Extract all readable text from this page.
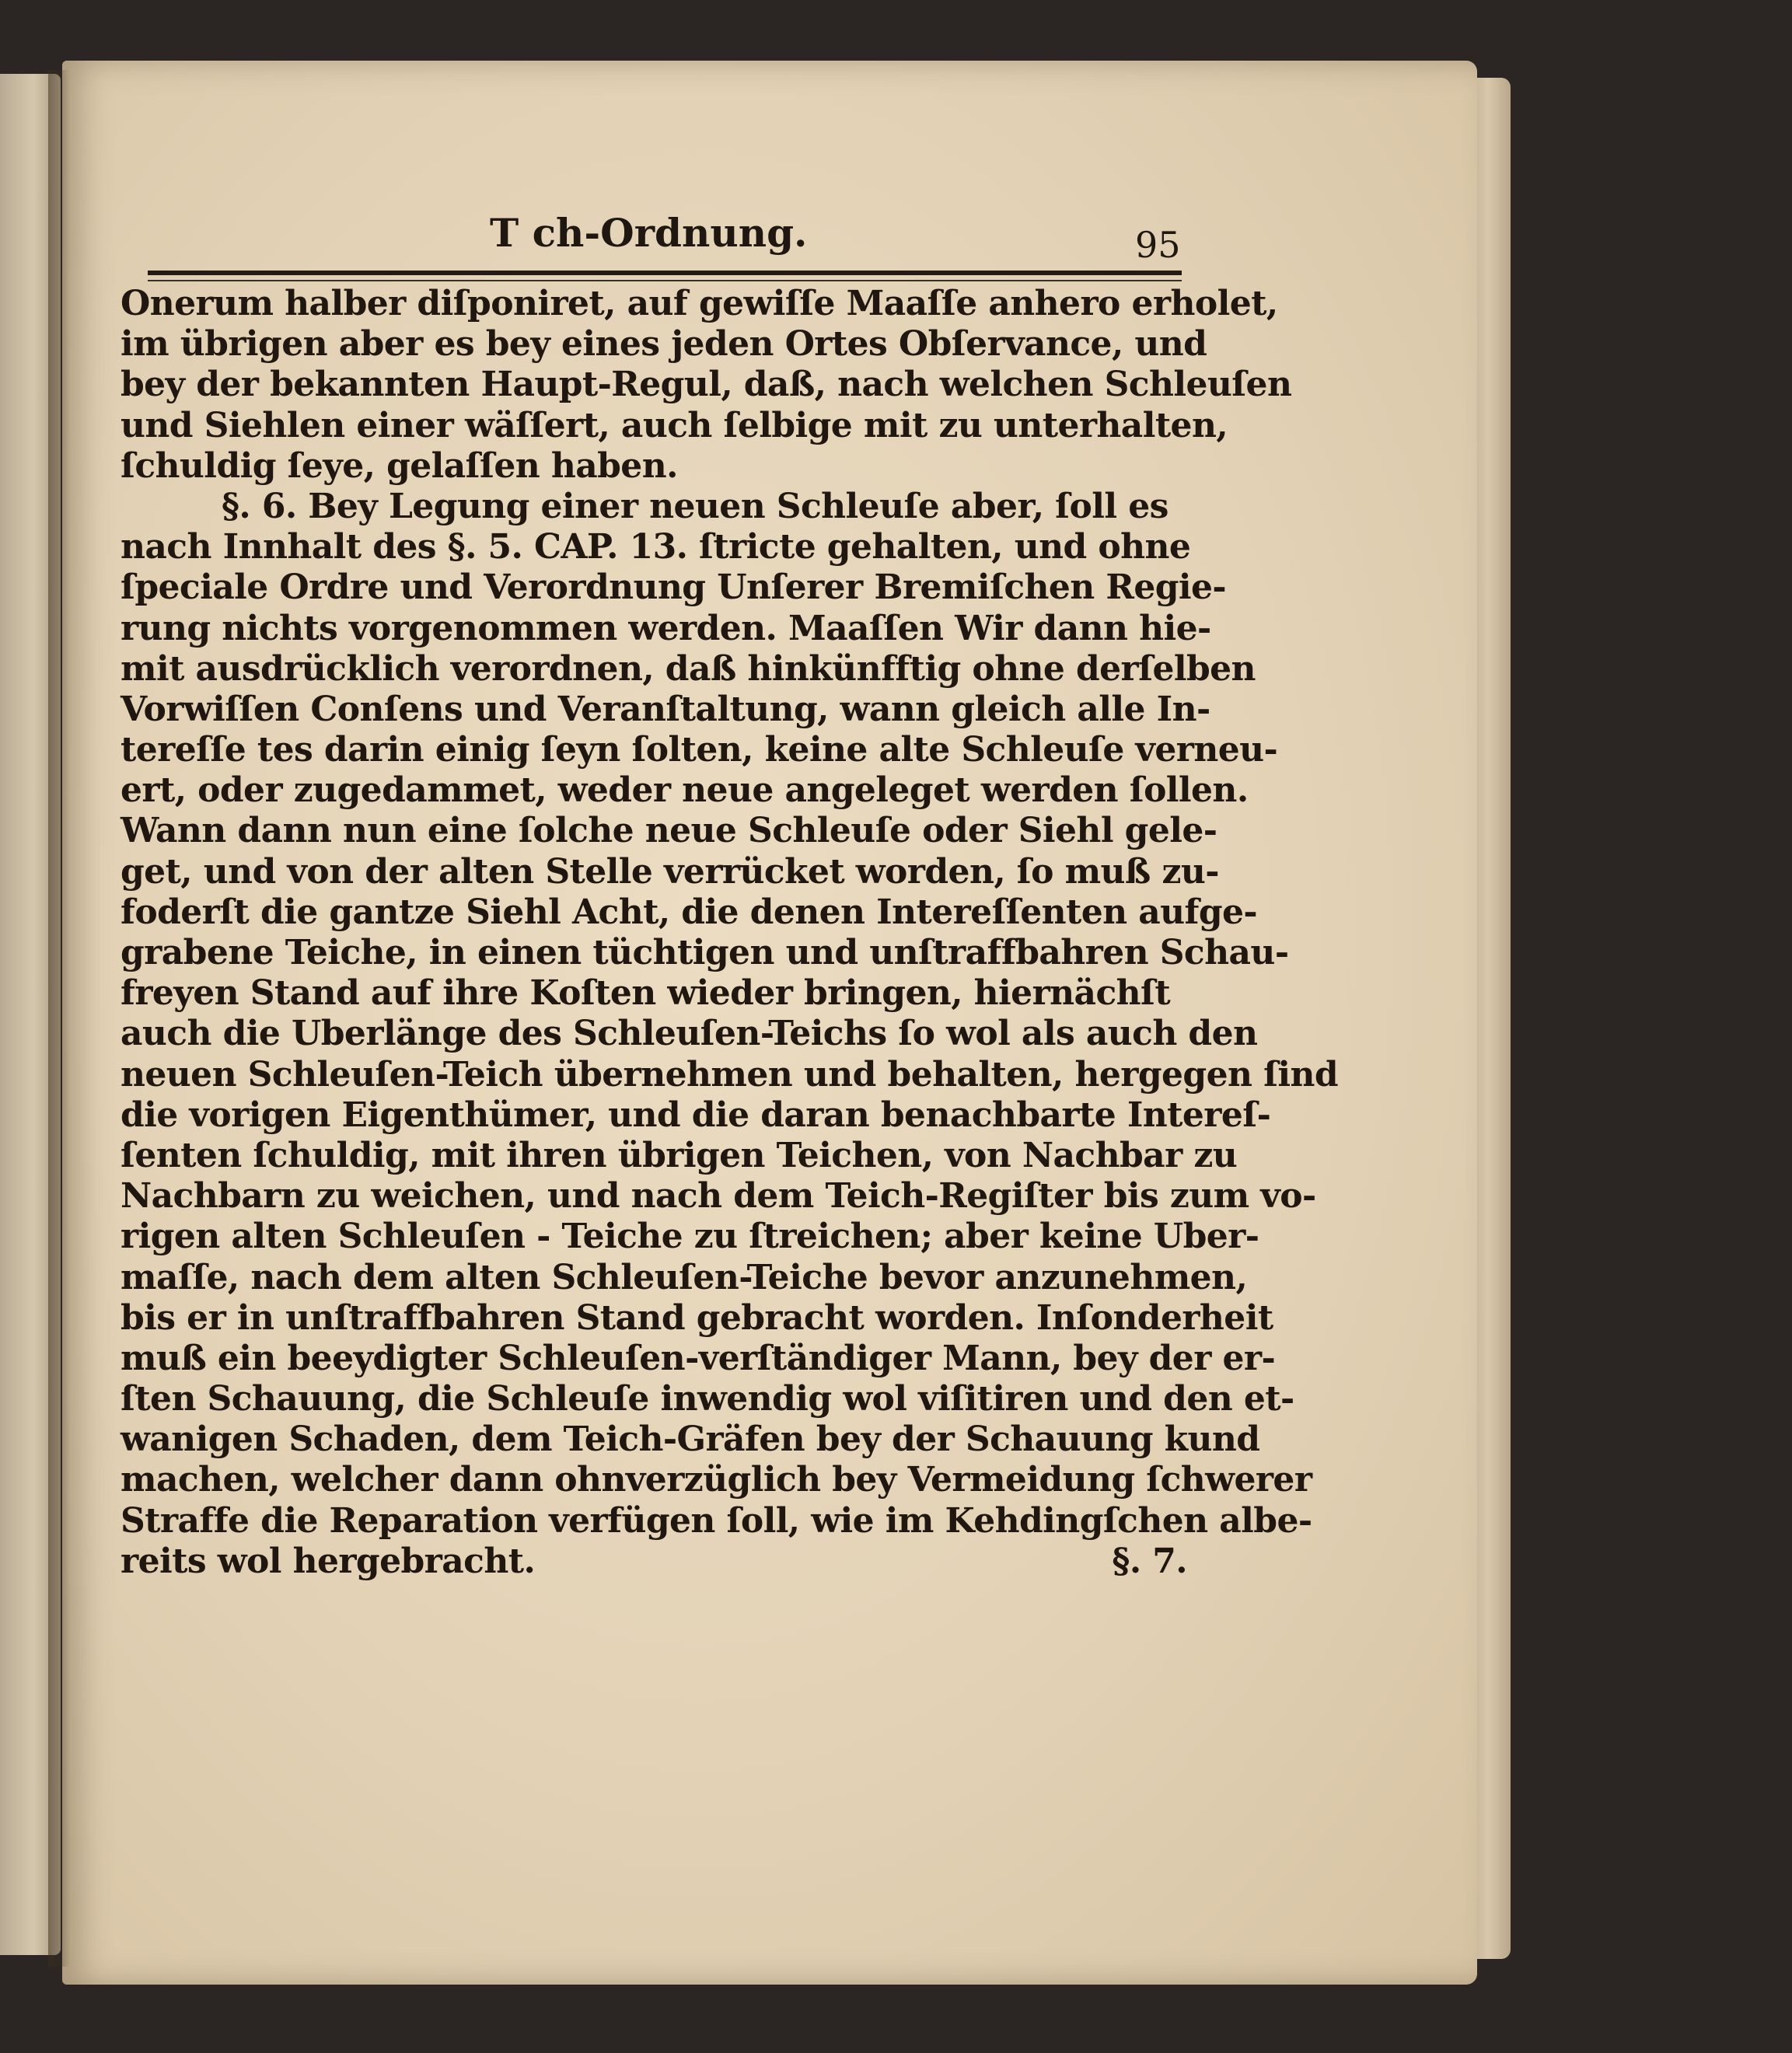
T ch-Ordnung.	95
Onerum halber diſponiret, auf gewiſſe Maaſſe anhero erholet,
im übrigen aber es bey eines jeden Ortes Obſervance, und
bey der bekannten Haupt-Regul, daß, nach welchen Schleuſen
und Siehlen einer wäſſert, auch ſelbige mit zu unterhalten,
ſchuldig ſeye, gelaſſen haben.
§. 6. Bey Legung einer neuen Schleuſe aber, ſoll es
nach Innhalt des §. 5. CAP. 13. ſtricte gehalten, und ohne
ſpeciale Ordre und Verordnung Unſerer Bremiſchen Regie-
rung nichts vorgenommen werden. Maaſſen Wir dann hie-
mit ausdrücklich verordnen, daß hinkünfftig ohne derſelben
Vorwiſſen Conſens und Veranſtaltung, wann gleich alle In-
tereſſe tes darin einig ſeyn ſolten, keine alte Schleuſe verneu-
ert, oder zugedammet, weder neue angeleget werden ſollen.
Wann dann nun eine ſolche neue Schleuſe oder Siehl gele-
get, und von der alten Stelle verrücket worden, ſo muß zu-
foderſt die gantze Siehl Acht, die denen Intereſſenten aufge-
grabene Teiche, in einen tüchtigen und unſtraffbahren Schau-
freyen Stand auf ihre Koſten wieder bringen, hiernächſt
auch die Uberlänge des Schleuſen-Teichs ſo wol als auch den
neuen Schleuſen-Teich übernehmen und behalten, hergegen ſind
die vorigen Eigenthümer, und die daran benachbarte Intereſ-
ſenten ſchuldig, mit ihren übrigen Teichen, von Nachbar zu
Nachbarn zu weichen, und nach dem Teich-Regiſter bis zum vo-
rigen alten Schleuſen - Teiche zu ſtreichen; aber keine Uber-
maſſe, nach dem alten Schleuſen-Teiche bevor anzunehmen,
bis er in unſtraffbahren Stand gebracht worden. Inſonderheit
muß ein beeydigter Schleuſen-verſtändiger Mann, bey der er-
ſten Schauung, die Schleuſe inwendig wol viſitiren und den et-
wanigen Schaden, dem Teich-Gräfen bey der Schauung kund
machen, welcher dann ohnverzüglich bey Vermeidung ſchwerer
Straffe die Reparation verfügen ſoll, wie im Kehdingſchen albe-
reits wol hergebracht.	§. 7.
